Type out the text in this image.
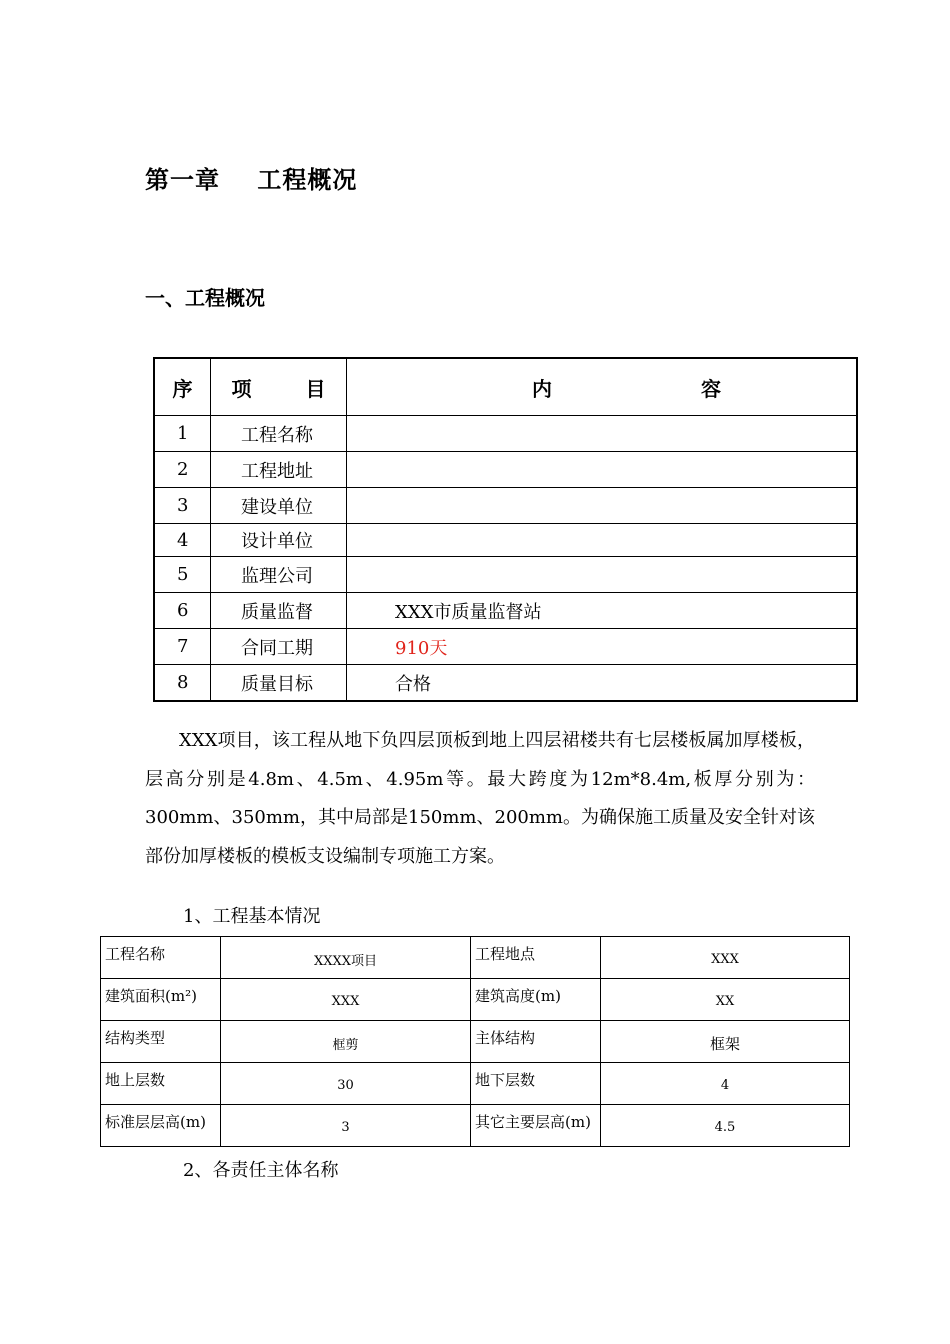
第一章    工程概况
一、工程概况
序	项 目	内 容

1	工程名称	
2	工程地址	
3	建设单位	
4	设计单位	
5	监理公司	
6	质量监督	XXX市质量监督站
7	合同工期	910天
8	质量目标	合格
XXX项目，该工程从地下负四层顶板到地上四层裙楼共有七层楼板属加厚楼板，层高分别是4.8m、4.5m、4.95m等。最大跨度为12m*8.4m,板厚分别为：300mm、350mm，其中局部是150mm、200mm。为确保施工质量及安全针对该部份加厚楼板的模板支设编制专项施工方案。
1、工程基本情况
工程名称	XXXX项目	工程地点	XXX
建筑面积(m²)	XXX	建筑高度(m)	XX
结构类型	框剪	主体结构	框架
地上层数	30	地下层数	4
标准层层高(m)	3	其它主要层高(m)	4.5
2、各责任主体名称
